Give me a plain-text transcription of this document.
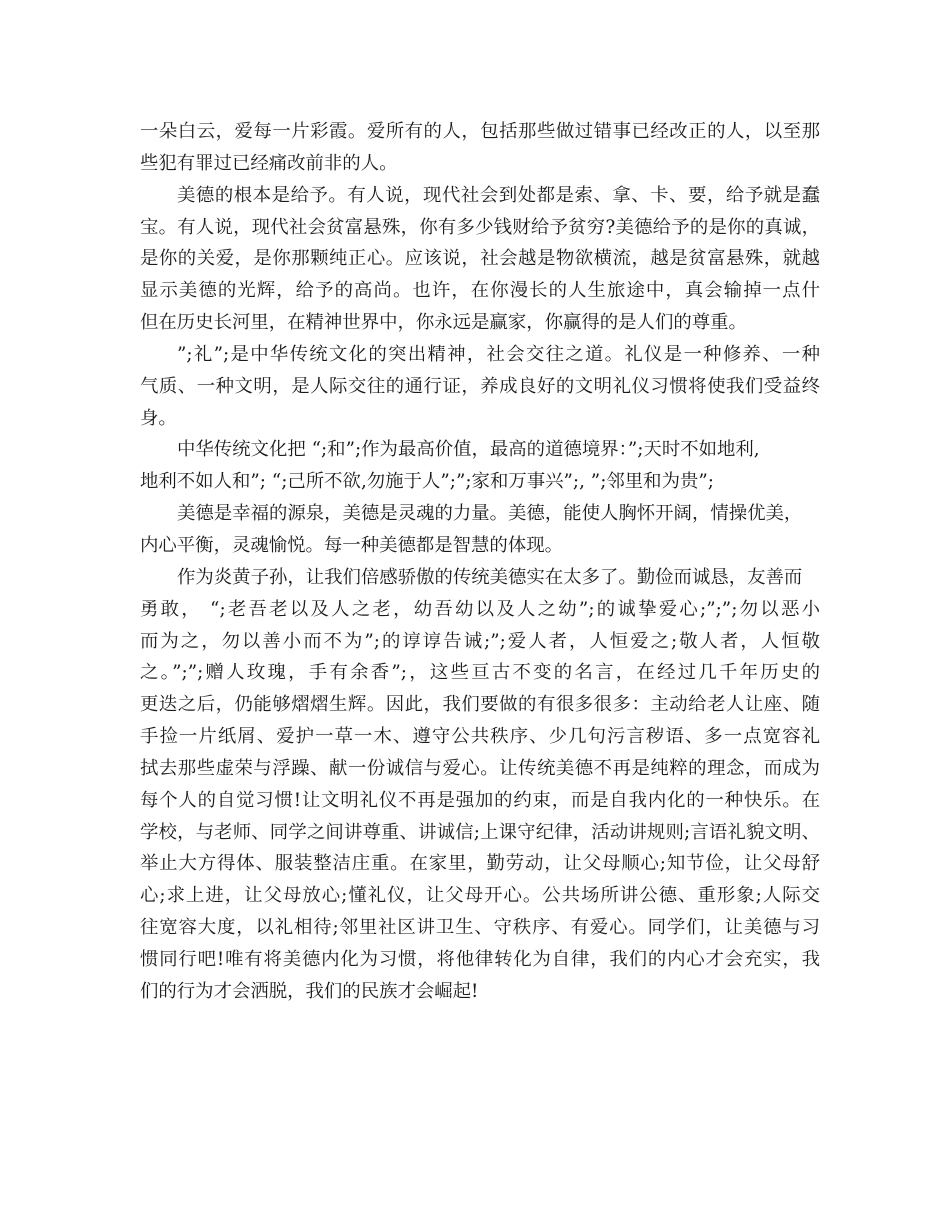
一朵白云，爱每一片彩霞。爱所有的人，包括那些做过错事已经改正的人，以至那
些犯有罪过已经痛改前非的人。
美德的根本是给予。有人说，现代社会到处都是索、拿、卡、要，给予就是蠢
宝。有人说，现代社会贫富悬殊，你有多少钱财给予贫穷?美德给予的是你的真诚，
是你的关爱，是你那颗纯正心。应该说，社会越是物欲横流，越是贫富悬殊，就越
显示美德的光辉，给予的高尚。也许，在你漫长的人生旅途中，真会输掉一点什
但在历史长河里，在精神世界中，你永远是赢家，你赢得的是人们的尊重。
”;礼”;是中华传统文化的突出精神，社会交往之道。礼仪是一种修养、一种
气质、一种文明，是人际交往的通行证，养成良好的文明礼仪习惯将使我们受益终
身。
中华传统文化把 “;和”;作为最高价值，最高的道德境界：”;天时不如地利,
地利不如人和”; “;己所不欲,勿施于人”;”;家和万事兴”;, ”;邻里和为贵”;
美德是幸福的源泉，美德是灵魂的力量。美德，能使人胸怀开阔，情操优美，
内心平衡，灵魂愉悦。每一种美德都是智慧的体现。
作为炎黄子孙，让我们倍感骄傲的传统美德实在太多了。勤俭而诚恳，友善而
勇敢， “;老吾老以及人之老，幼吾幼以及人之幼”;的诚挚爱心;”;”;勿以恶小
而为之，勿以善小而不为”;的谆谆告诫;”;爱人者，人恒爱之;敬人者，人恒敬
之。”;”;赠人玫瑰，手有余香”;，这些亘古不变的名言，在经过几千年历史的
更迭之后，仍能够熠熠生辉。因此，我们要做的有很多很多：主动给老人让座、随
手捡一片纸屑、爱护一草一木、遵守公共秩序、少几句污言秽语、多一点宽容礼
拭去那些虚荣与浮躁、献一份诚信与爱心。让传统美德不再是纯粹的理念，而成为
每个人的自觉习惯!让文明礼仪不再是强加的约束，而是自我内化的一种快乐。在
学校，与老师、同学之间讲尊重、讲诚信;上课守纪律，活动讲规则;言语礼貌文明、
举止大方得体、服装整洁庄重。在家里，勤劳动，让父母顺心;知节俭，让父母舒
心;求上进，让父母放心;懂礼仪，让父母开心。公共场所讲公德、重形象;人际交
往宽容大度，以礼相待;邻里社区讲卫生、守秩序、有爱心。同学们，让美德与习
惯同行吧!唯有将美德内化为习惯，将他律转化为自律，我们的内心才会充实，我
们的行为才会洒脱，我们的民族才会崛起!
